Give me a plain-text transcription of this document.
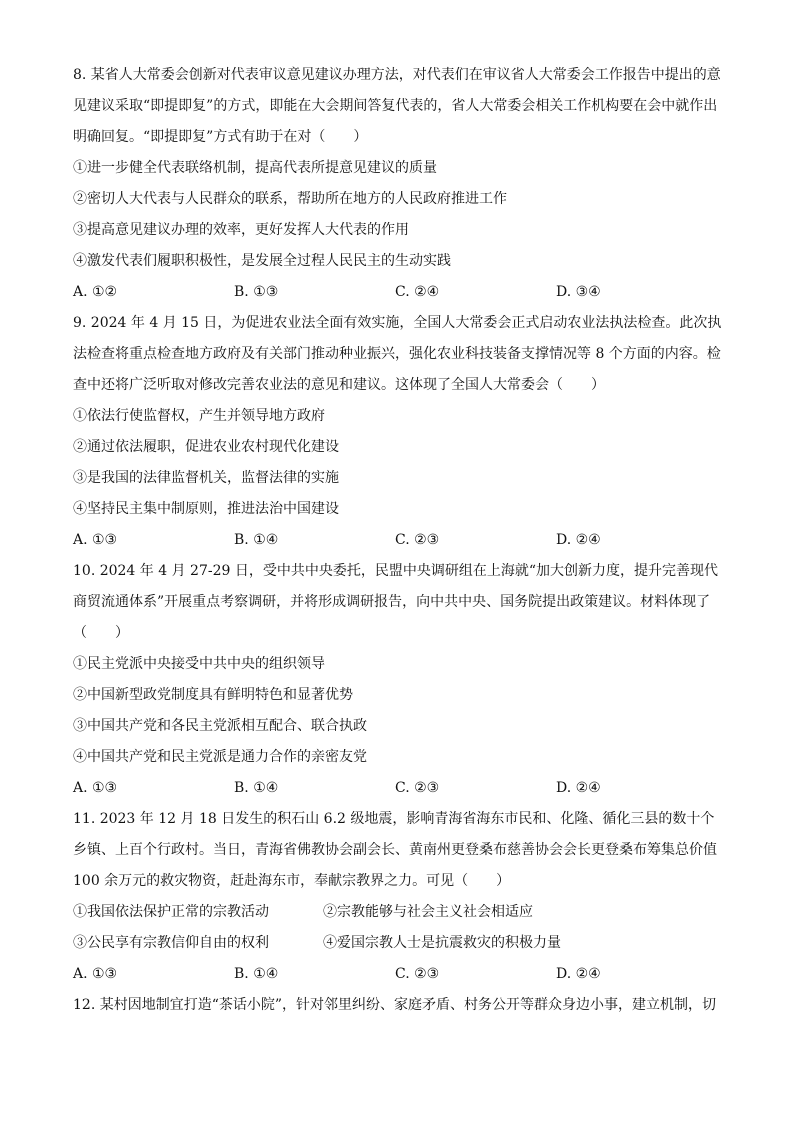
8. 某省人大常委会创新对代表审议意见建议办理方法，对代表们在审议省人大常委会工作报告中提出的意见建议采取“即提即复”的方式，即能在大会期间答复代表的，省人大常委会相关工作机构要在会中就作出明确回复。“即提即复”方式有助于在对（　　）
①进一步健全代表联络机制，提高代表所提意见建议的质量
②密切人大代表与人民群众的联系，帮助所在地方的人民政府推进工作
③提高意见建议办理的效率，更好发挥人大代表的作用
④激发代表们履职积极性，是发展全过程人民民主的生动实践
A. ①②	B. ①③	C. ②④	D. ③④
9. 2024 年 4 月 15 日，为促进农业法全面有效实施，全国人大常委会正式启动农业法执法检查。此次执法检查将重点检查地方政府及有关部门推动种业振兴，强化农业科技装备支撑情况等 8 个方面的内容。检查中还将广泛听取对修改完善农业法的意见和建议。这体现了全国人大常委会（　　）
①依法行使监督权，产生并领导地方政府
②通过依法履职，促进农业农村现代化建设
③是我国的法律监督机关，监督法律的实施
④坚持民主集中制原则，推进法治中国建设
A. ①③	B. ①④	C. ②③	D. ②④
10. 2024 年 4 月 27-29 日，受中共中央委托，民盟中央调研组在上海就“加大创新力度，提升完善现代商贸流通体系”开展重点考察调研，并将形成调研报告，向中共中央、国务院提出政策建议。材料体现了（　　）
①民主党派中央接受中共中央的组织领导
②中国新型政党制度具有鲜明特色和显著优势
③中国共产党和各民主党派相互配合、联合执政
④中国共产党和民主党派是通力合作的亲密友党
A. ①③	B. ①④	C. ②③	D. ②④
11. 2023 年 12 月 18 日发生的积石山 6.2 级地震，影响青海省海东市民和、化隆、循化三县的数十个乡镇、上百个行政村。当日，青海省佛教协会副会长、黄南州更登桑布慈善协会会长更登桑布筹集总价值 100 余万元的救灾物资，赶赴海东市，奉献宗教界之力。可见（　　）
①我国依法保护正常的宗教活动	②宗教能够与社会主义社会相适应
③公民享有宗教信仰自由的权利	④爱国宗教人士是抗震救灾的积极力量
A. ①③	B. ①④	C. ②③	D. ②④
12. 某村因地制宜打造“茶话小院”，针对邻里纠纷、家庭矛盾、村务公开等群众身边小事，建立机制，切
